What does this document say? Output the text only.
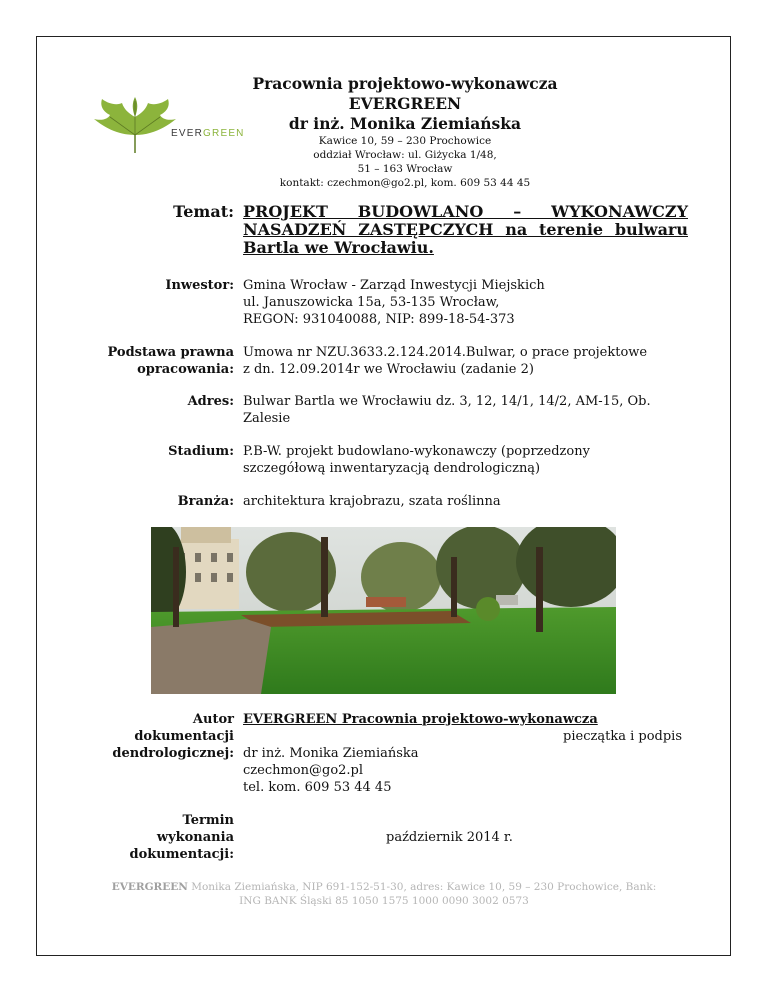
EVERGREEN
Pracownia projektowo-wykonawcza EVERGREEN
dr inż. Monika Ziemiańska
Kawice 10, 59 – 230 Prochowice
oddział Wrocław: ul. Giżycka 1/48,
51 – 163 Wrocław
kontakt: czechmon@go2.pl, kom. 609 53 44 45
Temat: PROJEKT BUDOWLANO – WYKONAWCZY NASADZEŃ ZASTĘPCZYCH na terenie bulwaru Bartla we Wrocławiu.
Inwestor: Gmina Wrocław - Zarząd Inwestycji Miejskich
ul. Januszowicka 15a, 53-135 Wrocław,
REGON: 931040088, NIP: 899-18-54-373
Podstawa prawna
opracowania:
Umowa nr NZU.3633.2.124.2014.Bulwar, o prace projektowe
z dn. 12.09.2014r we Wrocławiu (zadanie 2)
Adres: Bulwar Bartla we Wrocławiu dz. 3, 12, 14/1, 14/2, AM-15, Ob.
Zalesie
Stadium: P.B-W. projekt budowlano-wykonawczy (poprzedzony
szczegółową inwentaryzacją dendrologiczną)
Branża: architektura krajobrazu, szata roślinna
Autor
dokumentacji
dendrologicznej:
EVERGREEN Pracownia projektowo-wykonawcza
pieczątka i podpis
dr inż. Monika Ziemiańska
czechmon@go2.pl
tel. kom. 609 53 44 45
Termin
wykonania
dokumentacji:
październik 2014 r.
EVERGREEN Monika Ziemiańska, NIP 691-152-51-30, adres: Kawice 10, 59 – 230 Prochowice, Bank:
ING BANK Śląski 85 1050 1575 1000 0090 3002 0573
